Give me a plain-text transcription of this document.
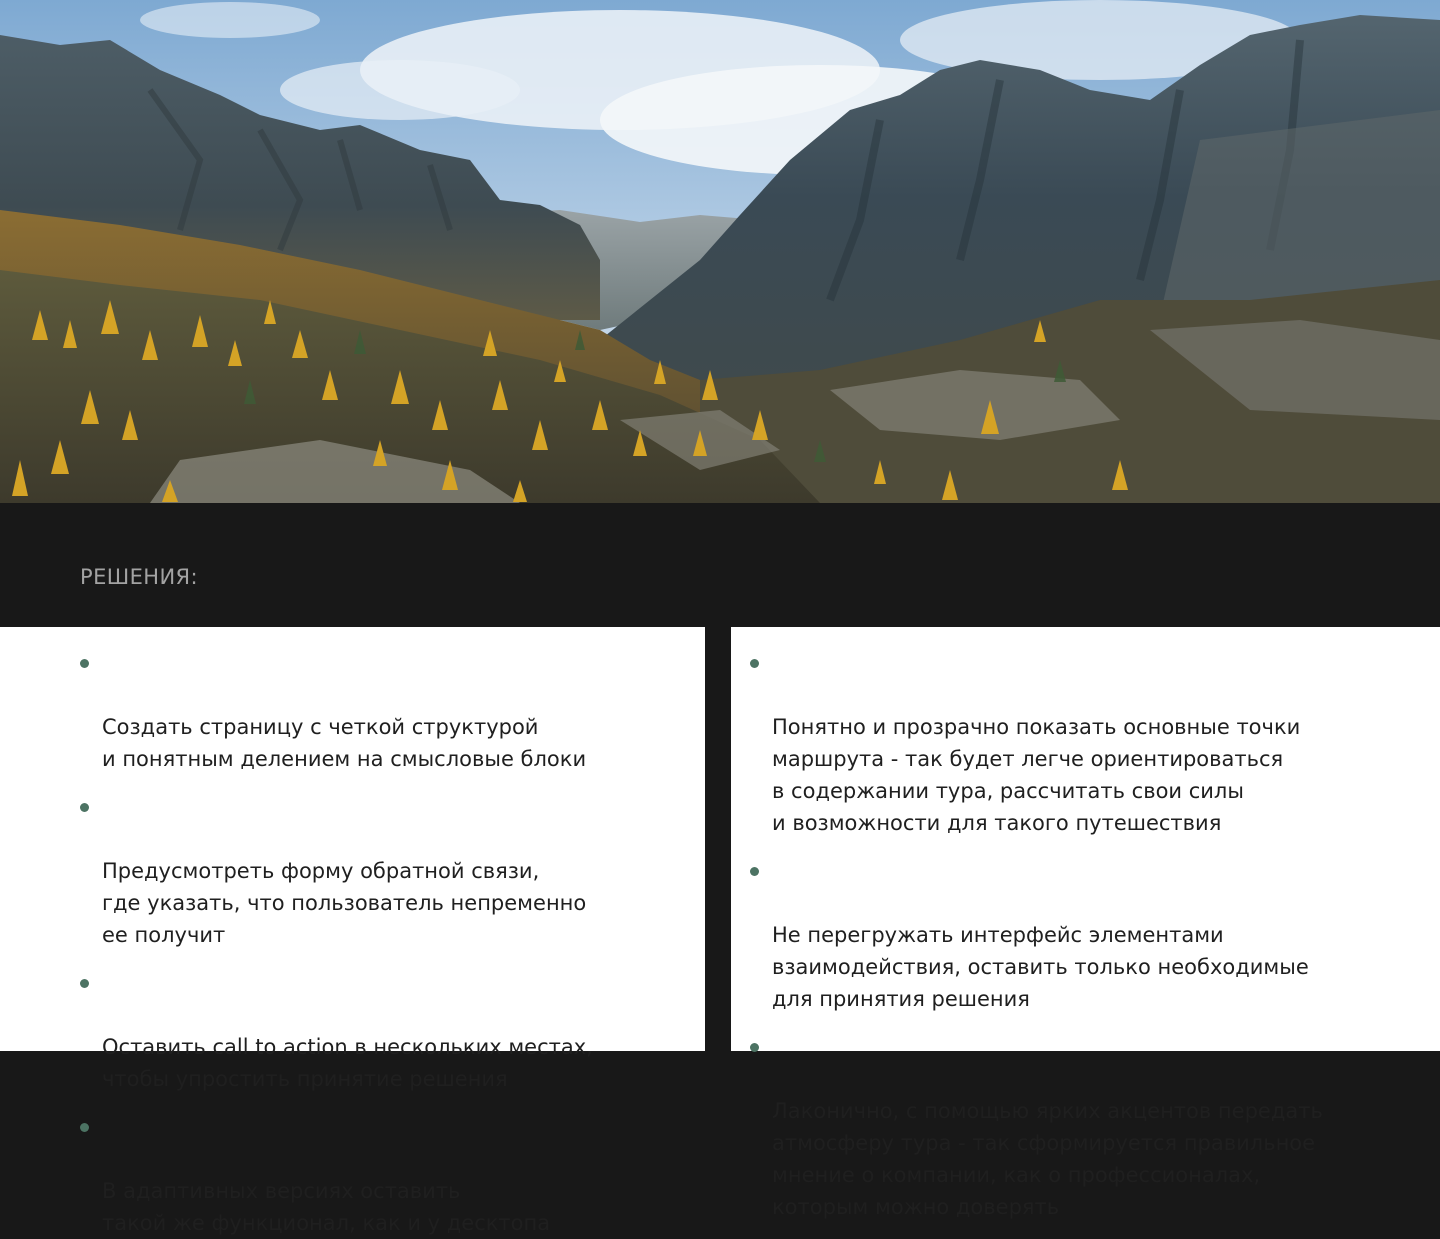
РЕШЕНИЯ:

Создать страницу с четкой структурой
и понятным делением на смысловые блоки

Предусмотреть форму обратной связи,
где указать, что пользователь непременно
ее получит

Оставить call to action в нескольких местах,
чтобы упростить принятие решения

В адаптивных версиях оставить
такой же функционал, как и у десктопа

Понятно и прозрачно показать основные точки
маршрута - так будет легче ориентироваться
в содержании тура, рассчитать свои силы
и возможности для такого путешествия

Не перегружать интерфейс элементами
взаимодействия, оставить только необходимые
для принятия решения

Лаконично, с помощью ярких акцентов передать
атмосферу тура - так сформируется правильное
мнение о компании, как о профессионалах,
которым можно доверять
